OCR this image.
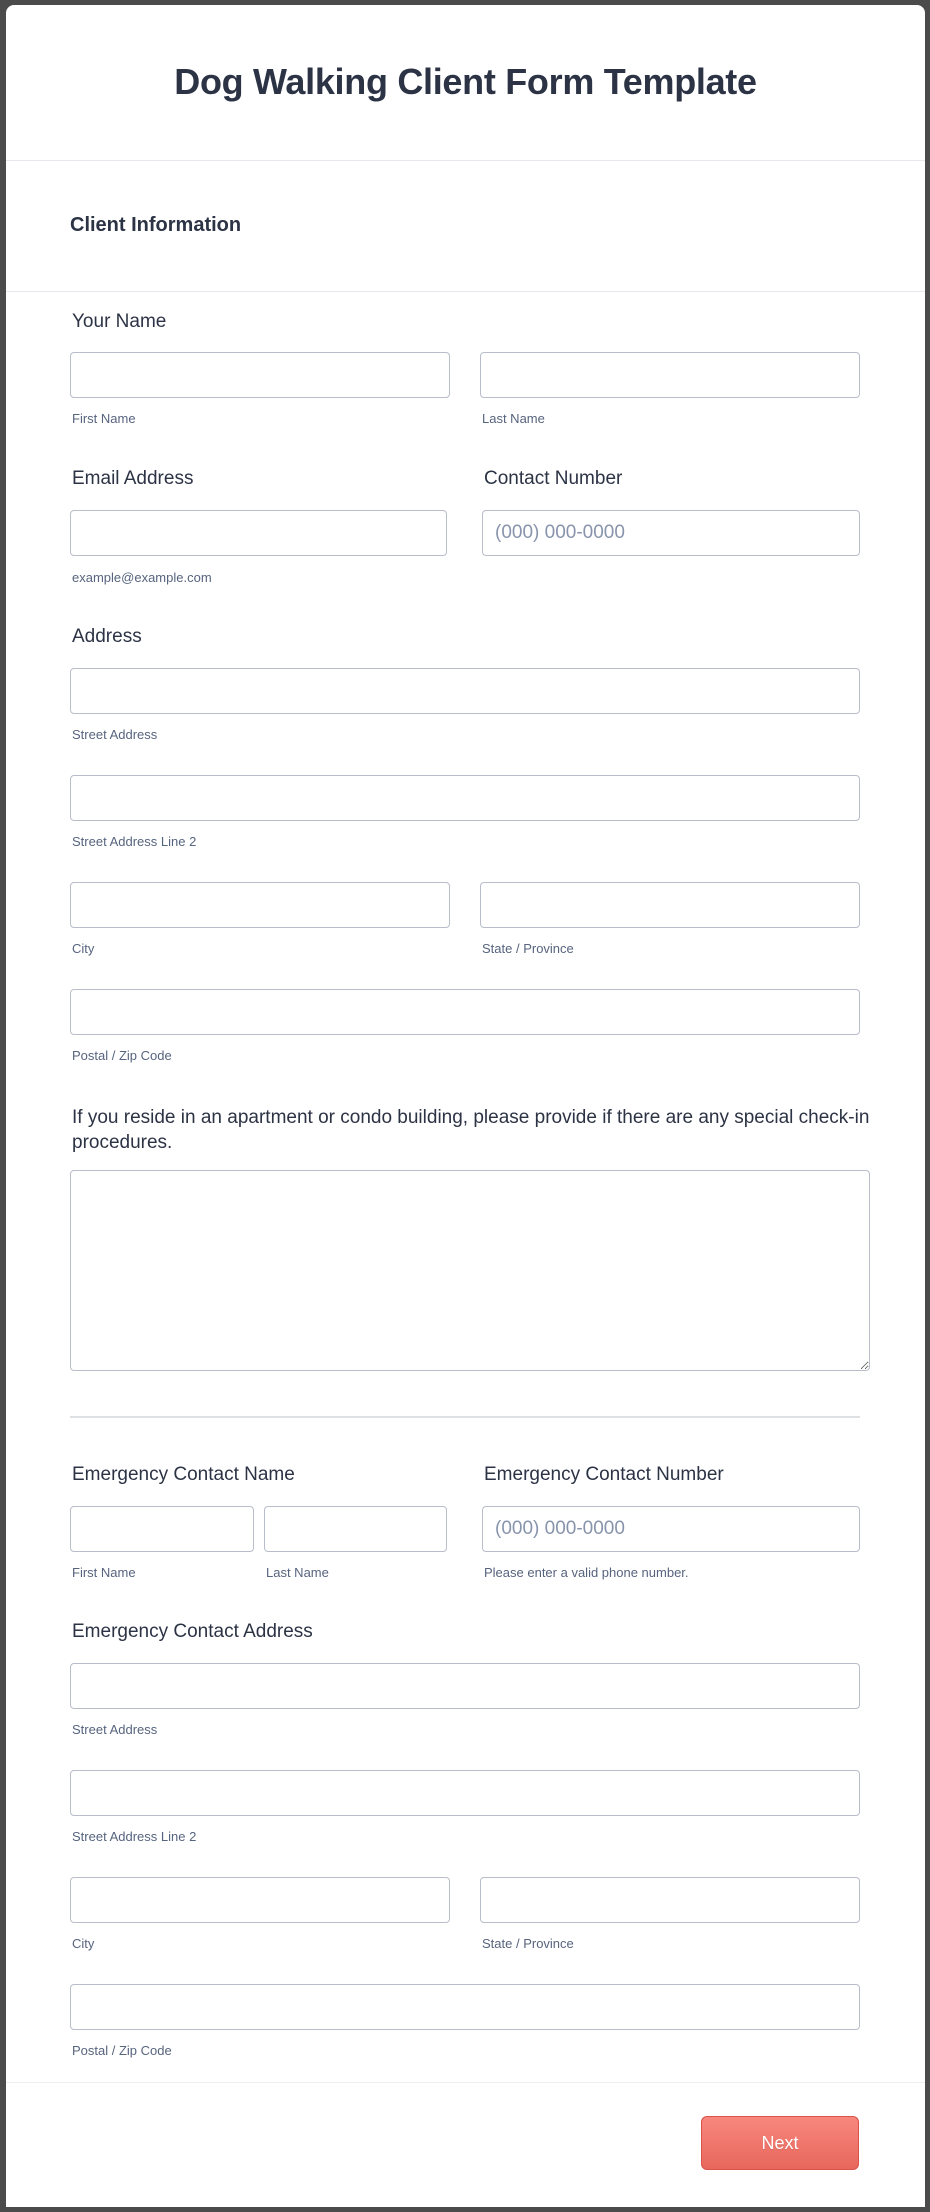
Dog Walking Client Form Template
Client Information
Your Name
First Name	Last Name
Email Address
example@example.com
Contact Number
(000) 000-0000
Address
Street Address
Street Address Line 2
City	State / Province
Postal / Zip Code
If you reside in an apartment or condo building, please provide if there are any special check-in procedures.
Emergency Contact Name
First Name	Last Name
Emergency Contact Number
(000) 000-0000
Please enter a valid phone number.
Emergency Contact Address
Street Address
Street Address Line 2
City	State / Province
Postal / Zip Code
Next
